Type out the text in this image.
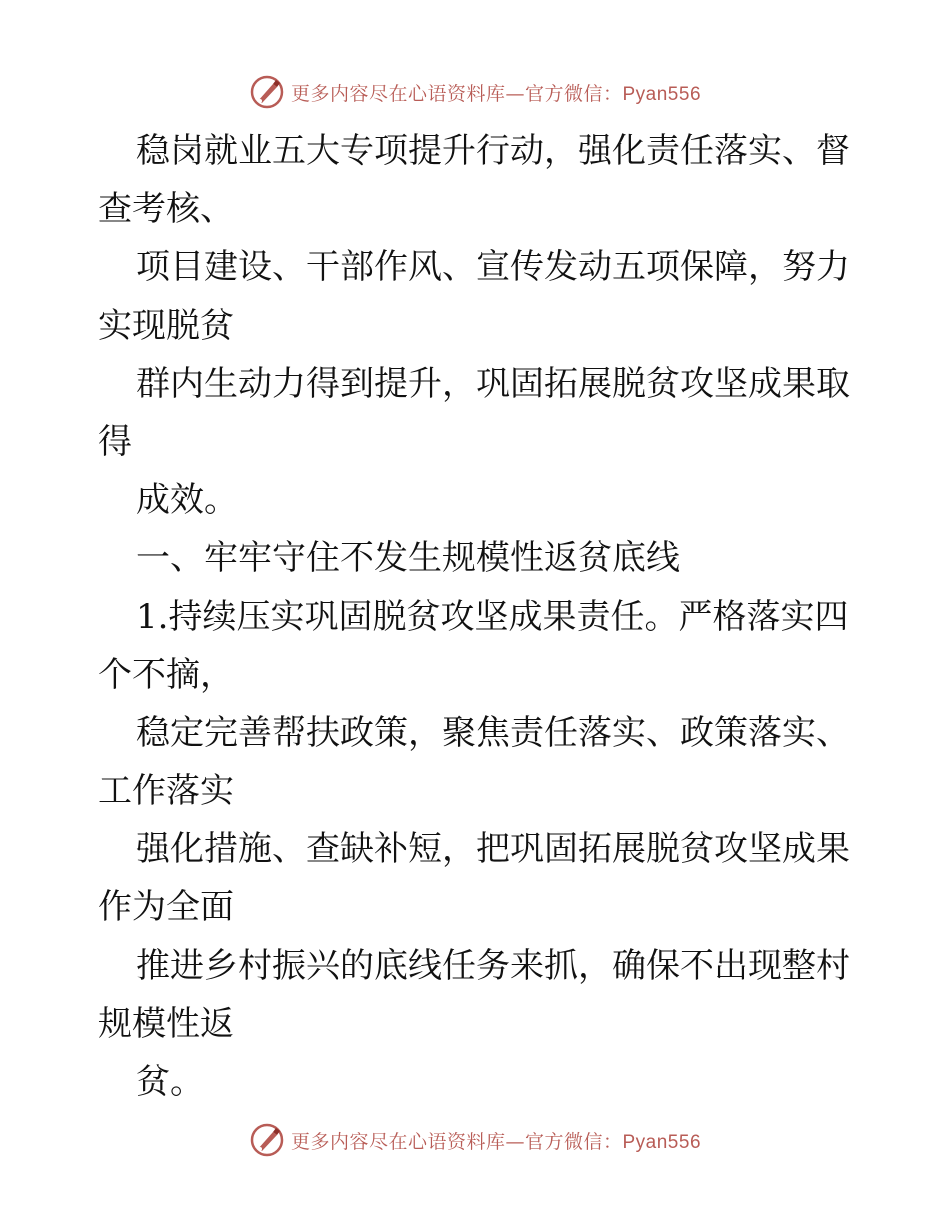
更多内容尽在心语资料库—官方微信：Pyan556
稳岗就业五大专项提升行动，强化责任落实、督
查考核、
项目建设、干部作风、宣传发动五项保障，努力
实现脱贫
群内生动力得到提升，巩固拓展脱贫攻坚成果取
得
成效。
一、牢牢守住不发生规模性返贫底线
1.持续压实巩固脱贫攻坚成果责任。严格落实四
个不摘，
稳定完善帮扶政策，聚焦责任落实、政策落实、
工作落实
强化措施、查缺补短，把巩固拓展脱贫攻坚成果
作为全面
推进乡村振兴的底线任务来抓，确保不出现整村
规模性返
贫。
更多内容尽在心语资料库—官方微信：Pyan556
